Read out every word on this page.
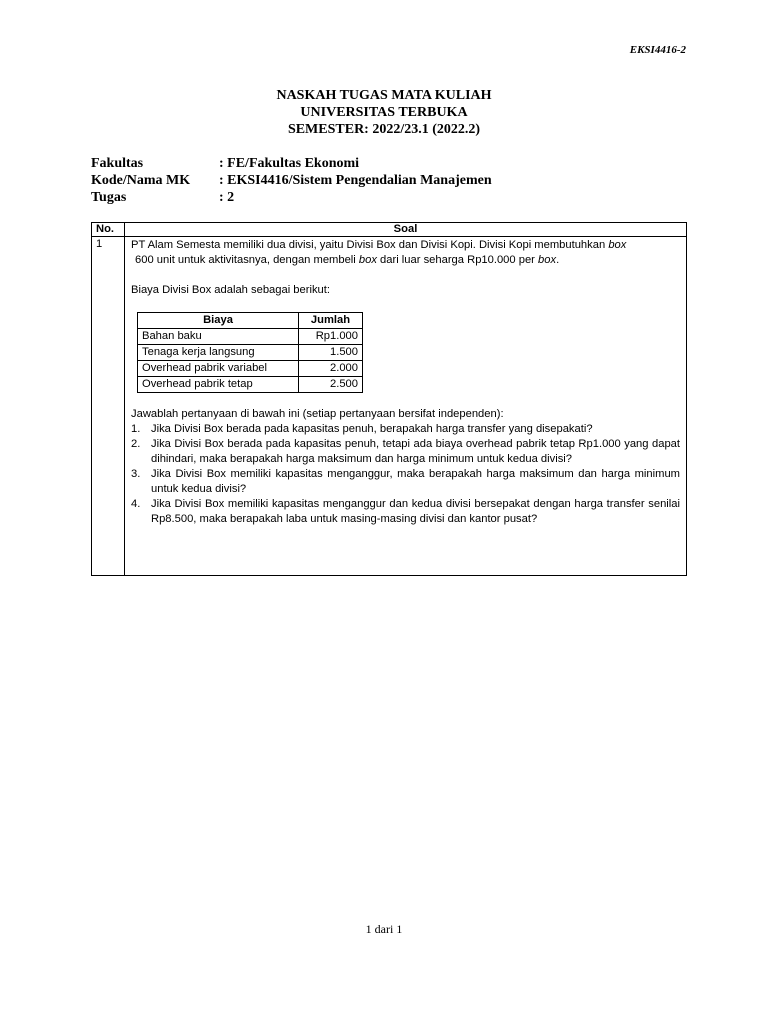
EKSI4416-2
NASKAH TUGAS MATA KULIAH
UNIVERSITAS TERBUKA
SEMESTER: 2022/23.1 (2022.2)
Fakultas	: FE/Fakultas Ekonomi
Kode/Nama MK	: EKSI4416/Sistem Pengendalian Manajemen
Tugas	: 2
No.	Soal
1	PT Alam Semesta memiliki dua divisi, yaitu Divisi Box dan Divisi Kopi. Divisi Kopi membutuhkan box
600 unit untuk aktivitasnya, dengan membeli box dari luar seharga Rp10.000 per box.
Biaya Divisi Box adalah sebagai berikut:
Biaya	Jumlah
Bahan baku	Rp1.000
Tenaga kerja langsung	1.500
Overhead pabrik variabel	2.000
Overhead pabrik tetap	2.500
Jawablah pertanyaan di bawah ini (setiap pertanyaan bersifat independen):
1. Jika Divisi Box berada pada kapasitas penuh, berapakah harga transfer yang disepakati?
2. Jika Divisi Box berada pada kapasitas penuh, tetapi ada biaya overhead pabrik tetap Rp1.000 yang dapat dihindari, maka berapakah harga maksimum dan harga minimum untuk kedua divisi?
3. Jika Divisi Box memiliki kapasitas menganggur, maka berapakah harga maksimum dan harga minimum untuk kedua divisi?
4. Jika Divisi Box memiliki kapasitas menganggur dan kedua divisi bersepakat dengan harga transfer senilai Rp8.500, maka berapakah laba untuk masing-masing divisi dan kantor pusat?
1 dari 1
